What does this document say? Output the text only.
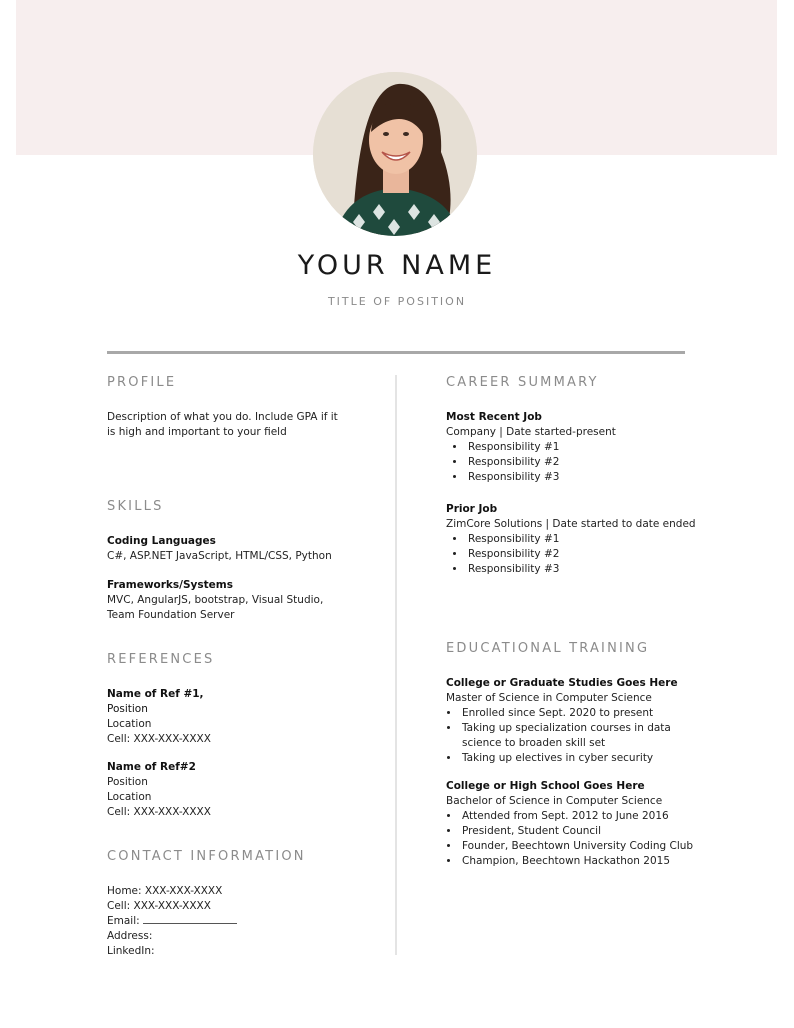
YOUR NAME
TITLE OF POSITION
PROFILE
Description of what you do. Include GPA if it is high and important to your field
SKILLS
Coding Languages
C#, ASP.NET JavaScript, HTML/CSS, Python
Frameworks/Systems
MVC, AngularJS, bootstrap, Visual Studio,
Team Foundation Server
REFERENCES
Name of Ref #1,
Position
Location
Cell: XXX-XXX-XXXX
Name of Ref#2
Position
Location
Cell: XXX-XXX-XXXX
CONTACT INFORMATION
Home: XXX-XXX-XXXX
Cell: XXX-XXX-XXXX
Email:
Address:
LinkedIn:
CAREER SUMMARY
Most Recent Job
Company | Date started-present
• Responsibility #1
• Responsibility #2
• Responsibility #3
Prior Job
ZimCore Solutions | Date started to date ended
• Responsibility #1
• Responsibility #2
• Responsibility #3
EDUCATIONAL TRAINING
College or Graduate Studies Goes Here
Master of Science in Computer Science
• Enrolled since Sept. 2020 to present
• Taking up specialization courses in data science to broaden skill set
• Taking up electives in cyber security
College or High School Goes Here
Bachelor of Science in Computer Science
• Attended from Sept. 2012 to June 2016
• President, Student Council
• Founder, Beechtown University Coding Club
• Champion, Beechtown Hackathon 2015
